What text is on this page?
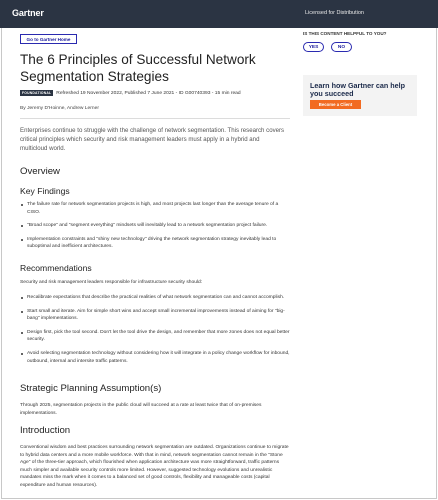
Gartner	Licensed for Distribution
Go to Gartner Home
The 6 Principles of Successful Network Segmentation Strategies
FOUNDATIONAL	Refreshed 19 November 2022, Published 7 June 2021 - ID G00740393 - 15 min read
By Jeremy D'Hoinne, Andrew Lerner
Enterprises continue to struggle with the challenge of network segmentation. This research covers critical principles which security and risk management leaders must apply in a hybrid and multicloud world.
Overview
Key Findings
The failure rate for network segmentation projects is high, and most projects last longer than the average tenure of a CISO.
"Broad scope" and "segment everything" mindsets will inevitably lead to a network segmentation project failure.
Implementation constraints and "shiny new technology" driving the network segmentation strategy inevitably lead to suboptimal and inefficient architectures.
Recommendations
Security and risk management leaders responsible for infrastructure security should:
Recalibrate expectations that describe the practical realities of what network segmentation can and cannot accomplish.
Start small and iterate. Aim for simple short wins and accept small incremental improvements instead of aiming for "big-bang" implementations.
Design first, pick the tool second. Don't let the tool drive the design, and remember that more zones does not equal better security.
Avoid selecting segmentation technology without considering how it will integrate in a policy change workflow for inbound, outbound, internal and intersite traffic patterns.
Strategic Planning Assumption(s)
Through 2025, segmentation projects in the public cloud will succeed at a rate at least twice that of on-premises implementations.
Introduction
Conventional wisdom and best practices surrounding network segmentation are outdated. Organizations continue to migrate to hybrid data centers and a more mobile workforce. With that in mind, network segmentation cannot remain in the "Stone Age" of the three-tier approach, which flourished when application architecture was more straightforward, traffic patterns much simpler and available security controls more limited. However, suggested technology evolutions and unrealistic mandates miss the mark when it comes to a balanced set of good controls, flexibility and manageable costs (capital expenditure and human resources).
IS THIS CONTENT HELPFUL TO YOU?
YES	NO
Learn how Gartner can help you succeed
Become a Client
